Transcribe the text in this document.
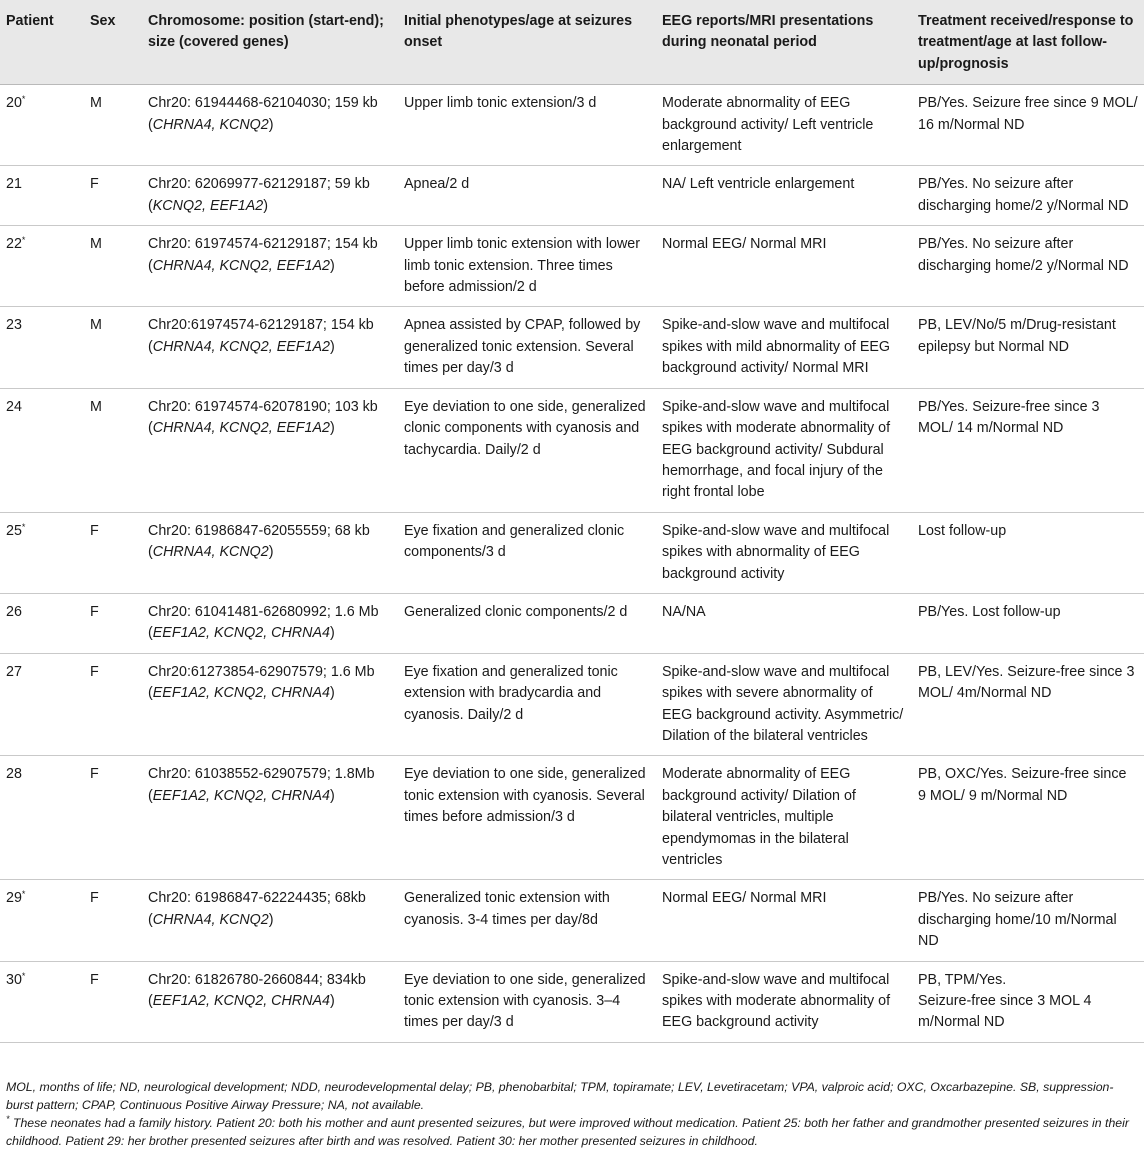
Patient	Sex	Chromosome: position (start-end); size (covered genes)	Initial phenotypes/age at seizures onset	EEG reports/MRI presentations during neonatal period	Treatment received/response to treatment/age at last follow-up/prognosis
20*	M	Chr20: 61944468-62104030; 159 kb (CHRNA4, KCNQ2)	Upper limb tonic extension/3 d	Moderate abnormality of EEG background activity/ Left ventricle enlargement	PB/Yes. Seizure free since 9 MOL/ 16 m/Normal ND
21	F	Chr20: 62069977-62129187; 59 kb (KCNQ2, EEF1A2)	Apnea/2 d	NA/ Left ventricle enlargement	PB/Yes. No seizure after discharging home/2 y/Normal ND
22*	M	Chr20: 61974574-62129187; 154 kb (CHRNA4, KCNQ2, EEF1A2)	Upper limb tonic extension with lower limb tonic extension. Three times before admission/2 d	Normal EEG/ Normal MRI	PB/Yes. No seizure after discharging home/2 y/Normal ND
23	M	Chr20:61974574-62129187; 154 kb (CHRNA4, KCNQ2, EEF1A2)	Apnea assisted by CPAP, followed by generalized tonic extension. Several times per day/3 d	Spike-and-slow wave and multifocal spikes with mild abnormality of EEG background activity/ Normal MRI	PB, LEV/No/5 m/Drug-resistant epilepsy but Normal ND
24	M	Chr20: 61974574-62078190; 103 kb (CHRNA4, KCNQ2, EEF1A2)	Eye deviation to one side, generalized clonic components with cyanosis and tachycardia. Daily/2 d	Spike-and-slow wave and multifocal spikes with moderate abnormality of EEG background activity/ Subdural hemorrhage, and focal injury of the right frontal lobe	PB/Yes. Seizure-free since 3 MOL/ 14 m/Normal ND
25*	F	Chr20: 61986847-62055559; 68 kb (CHRNA4, KCNQ2)	Eye fixation and generalized clonic components/3 d	Spike-and-slow wave and multifocal spikes with abnormality of EEG background activity	Lost follow-up
26	F	Chr20: 61041481-62680992; 1.6 Mb (EEF1A2, KCNQ2, CHRNA4)	Generalized clonic components/2 d	NA/NA	PB/Yes. Lost follow-up
27	F	Chr20:61273854-62907579; 1.6 Mb (EEF1A2, KCNQ2, CHRNA4)	Eye fixation and generalized tonic extension with bradycardia and cyanosis. Daily/2 d	Spike-and-slow wave and multifocal spikes with severe abnormality of EEG background activity. Asymmetric/ Dilation of the bilateral ventricles	PB, LEV/Yes. Seizure-free since 3 MOL/ 4m/Normal ND
28	F	Chr20: 61038552-62907579; 1.8Mb (EEF1A2, KCNQ2, CHRNA4)	Eye deviation to one side, generalized tonic extension with cyanosis. Several times before admission/3 d	Moderate abnormality of EEG background activity/ Dilation of bilateral ventricles, multiple ependymomas in the bilateral ventricles	PB, OXC/Yes. Seizure-free since 9 MOL/ 9 m/Normal ND
29*	F	Chr20: 61986847-62224435; 68kb (CHRNA4, KCNQ2)	Generalized tonic extension with cyanosis. 3-4 times per day/8d	Normal EEG/ Normal MRI	PB/Yes. No seizure after discharging home/10 m/Normal ND
30*	F	Chr20: 61826780-2660844; 834kb (EEF1A2, KCNQ2, CHRNA4)	Eye deviation to one side, generalized tonic extension with cyanosis. 3–4 times per day/3 d	Spike-and-slow wave and multifocal spikes with moderate abnormality of EEG background activity	PB, TPM/Yes.
Seizure-free since 3 MOL 4 m/Normal ND

MOL, months of life; ND, neurological development; NDD, neurodevelopmental delay; PB, phenobarbital; TPM, topiramate; LEV, Levetiracetam; VPA, valproic acid; OXC, Oxcarbazepine. SB, suppression-burst pattern; CPAP, Continuous Positive Airway Pressure; NA, not available.

* These neonates had a family history. Patient 20: both his mother and aunt presented seizures, but were improved without medication. Patient 25: both her father and grandmother presented seizures in their childhood. Patient 29: her brother presented seizures after birth and was resolved. Patient 30: her mother presented seizures in childhood.
